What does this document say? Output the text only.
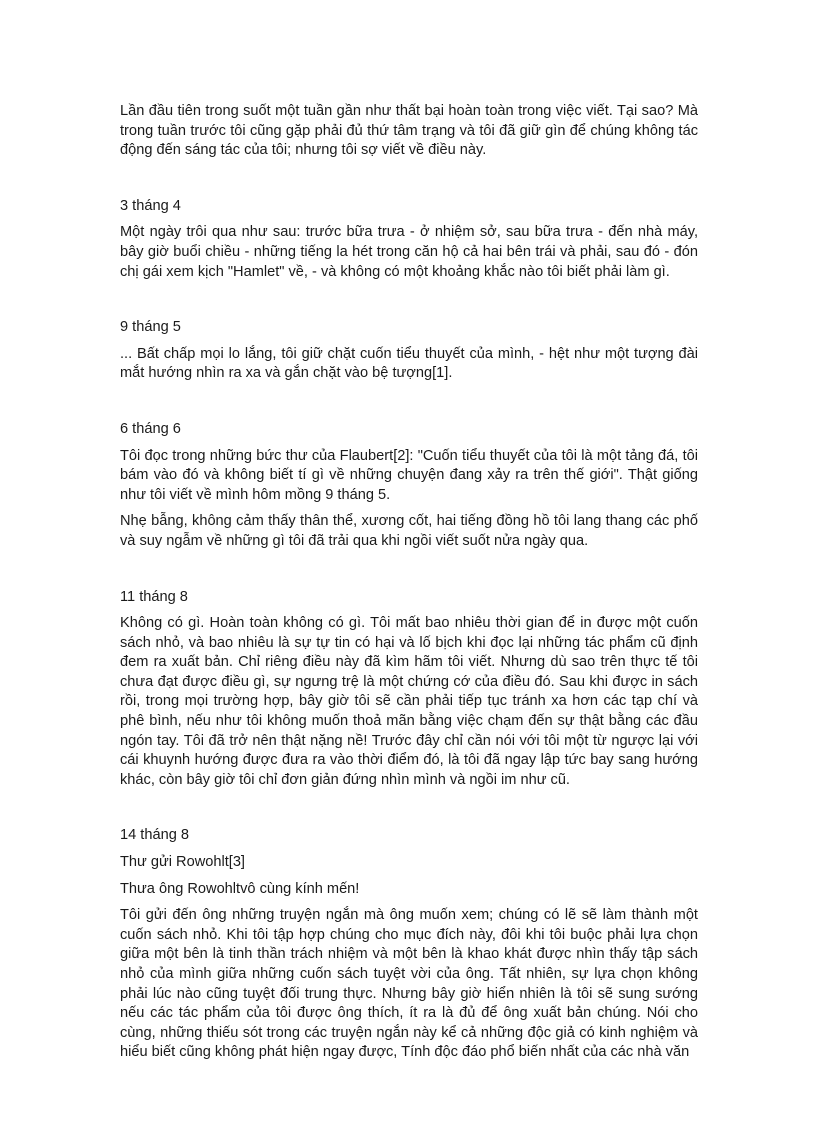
Lần đầu tiên trong suốt một tuần gần như thất bại hoàn toàn trong việc viết. Tại sao? Mà trong tuần trước tôi cũng gặp phải đủ thứ tâm trạng và tôi đã giữ gìn để chúng không tác động đến sáng tác của tôi; nhưng tôi sợ viết về điều này.

3 tháng 4

Một ngày trôi qua như sau: trước bữa trưa - ở nhiệm sở, sau bữa trưa - đến nhà máy, bây giờ buổi chiều - những tiếng la hét trong căn hộ cả hai bên trái và phải, sau đó - đón chị gái xem kịch "Hamlet" về, - và không có một khoảng khắc nào tôi biết phải làm gì.

9 tháng 5

... Bất chấp mọi lo lắng, tôi giữ chặt cuốn tiểu thuyết của mình, - hệt như một tượng đài mắt hướng nhìn ra xa và gắn chặt vào bệ tượng[1].

6 tháng 6

Tôi đọc trong những bức thư của Flaubert[2]: "Cuốn tiểu thuyết của tôi là một tảng đá, tôi bám vào đó và không biết tí gì về những chuyện đang xảy ra trên thế giới". Thật giống như tôi viết về mình hôm mồng 9 tháng 5.

Nhẹ bẫng, không cảm thấy thân thể, xương cốt, hai tiếng đồng hồ tôi lang thang các phố và suy ngẫm về những gì tôi đã trải qua khi ngồi viết suốt nửa ngày qua.

11 tháng 8

Không có gì. Hoàn toàn không có gì. Tôi mất bao nhiêu thời gian để in được một cuốn sách nhỏ, và bao nhiêu là sự tự tin có hại và lố bịch khi đọc lại những tác phẩm cũ định đem ra xuất bản. Chỉ riêng điều này đã kìm hãm tôi viết. Nhưng dù sao trên thực tế tôi chưa đạt được điều gì, sự ngưng trệ là một chứng cớ của điều đó. Sau khi được in sách rồi, trong mọi trường hợp, bây giờ tôi sẽ cần phải tiếp tục tránh xa hơn các tạp chí và phê bình, nếu như tôi không muốn thoả mãn bằng việc chạm đến sự thật bằng các đầu ngón tay. Tôi đã trở nên thật nặng nề! Trước đây chỉ cần nói với tôi một từ ngược lại với cái khuynh hướng được đưa ra vào thời điểm đó, là tôi đã ngay lập tức bay sang hướng khác, còn bây giờ tôi chỉ đơn giản đứng nhìn mình và ngồi im như cũ.

14 tháng 8

Thư gửi Rowohlt[3]

Thưa ông Rowohltvô cùng kính mến!

Tôi gửi đến ông những truyện ngắn mà ông muốn xem; chúng có lẽ sẽ làm thành một cuốn sách nhỏ. Khi tôi tập hợp chúng cho mục đích này, đôi khi tôi buộc phải lựa chọn giữa một bên là tinh thần trách nhiệm và một bên là khao khát được nhìn thấy tập sách nhỏ của mình giữa những cuốn sách tuyệt vời của ông. Tất nhiên, sự lựa chọn không phải lúc nào cũng tuyệt đối trung thực. Nhưng bây giờ hiển nhiên là tôi sẽ sung sướng nếu các tác phẩm của tôi được ông thích, ít ra là đủ để ông xuất bản chúng. Nói cho cùng, những thiếu sót trong các truyện ngắn này kể cả những độc giả có kinh nghiệm và hiểu biết cũng không phát hiện ngay được, Tính độc đáo phổ biến nhất của các nhà văn
